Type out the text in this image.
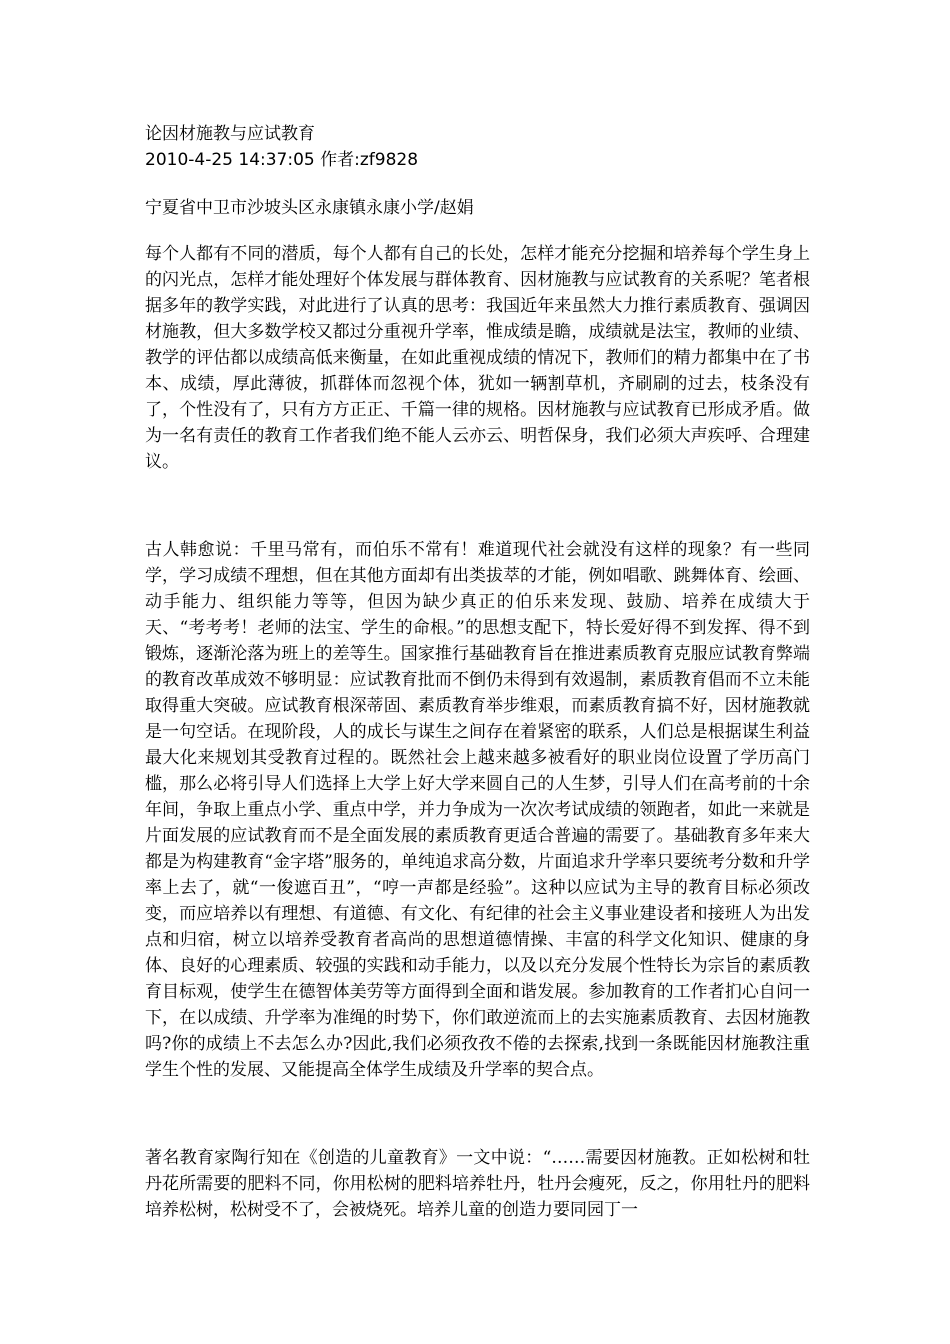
论因材施教与应试教育

2010-4-25 14:37:05 作者:zf9828

宁夏省中卫市沙坡头区永康镇永康小学/赵娟

每个人都有不同的潜质，每个人都有自己的长处，怎样才能充分挖掘和培养每个学生身上的闪光点，怎样才能处理好个体发展与群体教育、因材施教与应试教育的关系呢？笔者根据多年的教学实践，对此进行了认真的思考：我国近年来虽然大力推行素质教育、强调因材施教，但大多数学校又都过分重视升学率，惟成绩是瞻，成绩就是法宝，教师的业绩、教学的评估都以成绩高低来衡量，在如此重视成绩的情况下，教师们的精力都集中在了书本、成绩，厚此薄彼，抓群体而忽视个体，犹如一辆割草机，齐刷刷的过去，枝条没有了，个性没有了，只有方方正正、千篇一律的规格。因材施教与应试教育已形成矛盾。做为一名有责任的教育工作者我们绝不能人云亦云、明哲保身，我们必须大声疾呼、合理建议。

古人韩愈说：千里马常有，而伯乐不常有！难道现代社会就没有这样的现象？有一些同学，学习成绩不理想，但在其他方面却有出类拔萃的才能，例如唱歌、跳舞体育、绘画、动手能力、组织能力等等，但因为缺少真正的伯乐来发现、鼓励、培养在成绩大于天、“考考考！老师的法宝、学生的命根。”的思想支配下，特长爱好得不到发挥、得不到锻炼，逐渐沦落为班上的差等生。国家推行基础教育旨在推进素质教育克服应试教育弊端的教育改革成效不够明显：应试教育批而不倒仍未得到有效遏制，素质教育倡而不立未能取得重大突破。应试教育根深蒂固、素质教育举步维艰，而素质教育搞不好，因材施教就是一句空话。在现阶段，人的成长与谋生之间存在着紧密的联系，人们总是根据谋生利益最大化来规划其受教育过程的。既然社会上越来越多被看好的职业岗位设置了学历高门槛，那么必将引导人们选择上大学上好大学来圆自己的人生梦，引导人们在高考前的十余年间，争取上重点小学、重点中学，并力争成为一次次考试成绩的领跑者，如此一来就是片面发展的应试教育而不是全面发展的素质教育更适合普遍的需要了。基础教育多年来大都是为构建教育“金字塔”服务的，单纯追求高分数，片面追求升学率只要统考分数和升学率上去了，就“一俊遮百丑”，“哼一声都是经验”。这种以应试为主导的教育目标必须改变，而应培养以有理想、有道德、有文化、有纪律的社会主义事业建设者和接班人为出发点和归宿，树立以培养受教育者高尚的思想道德情操、丰富的科学文化知识、健康的身体、良好的心理素质、较强的实践和动手能力，以及以充分发展个性特长为宗旨的素质教育目标观，使学生在德智体美劳等方面得到全面和谐发展。参加教育的工作者扪心自问一下，在以成绩、升学率为准绳的时势下，你们敢逆流而上的去实施素质教育、去因材施教吗?你的成绩上不去怎么办?因此,我们必须孜孜不倦的去探索,找到一条既能因材施教注重学生个性的发展、又能提高全体学生成绩及升学率的契合点。

著名教育家陶行知在《创造的儿童教育》一文中说：“……需要因材施教。正如松树和牡丹花所需要的肥料不同，你用松树的肥料培养牡丹，牡丹会瘦死，反之，你用牡丹的肥料培养松树，松树受不了，会被烧死。培养儿童的创造力要同园丁一
